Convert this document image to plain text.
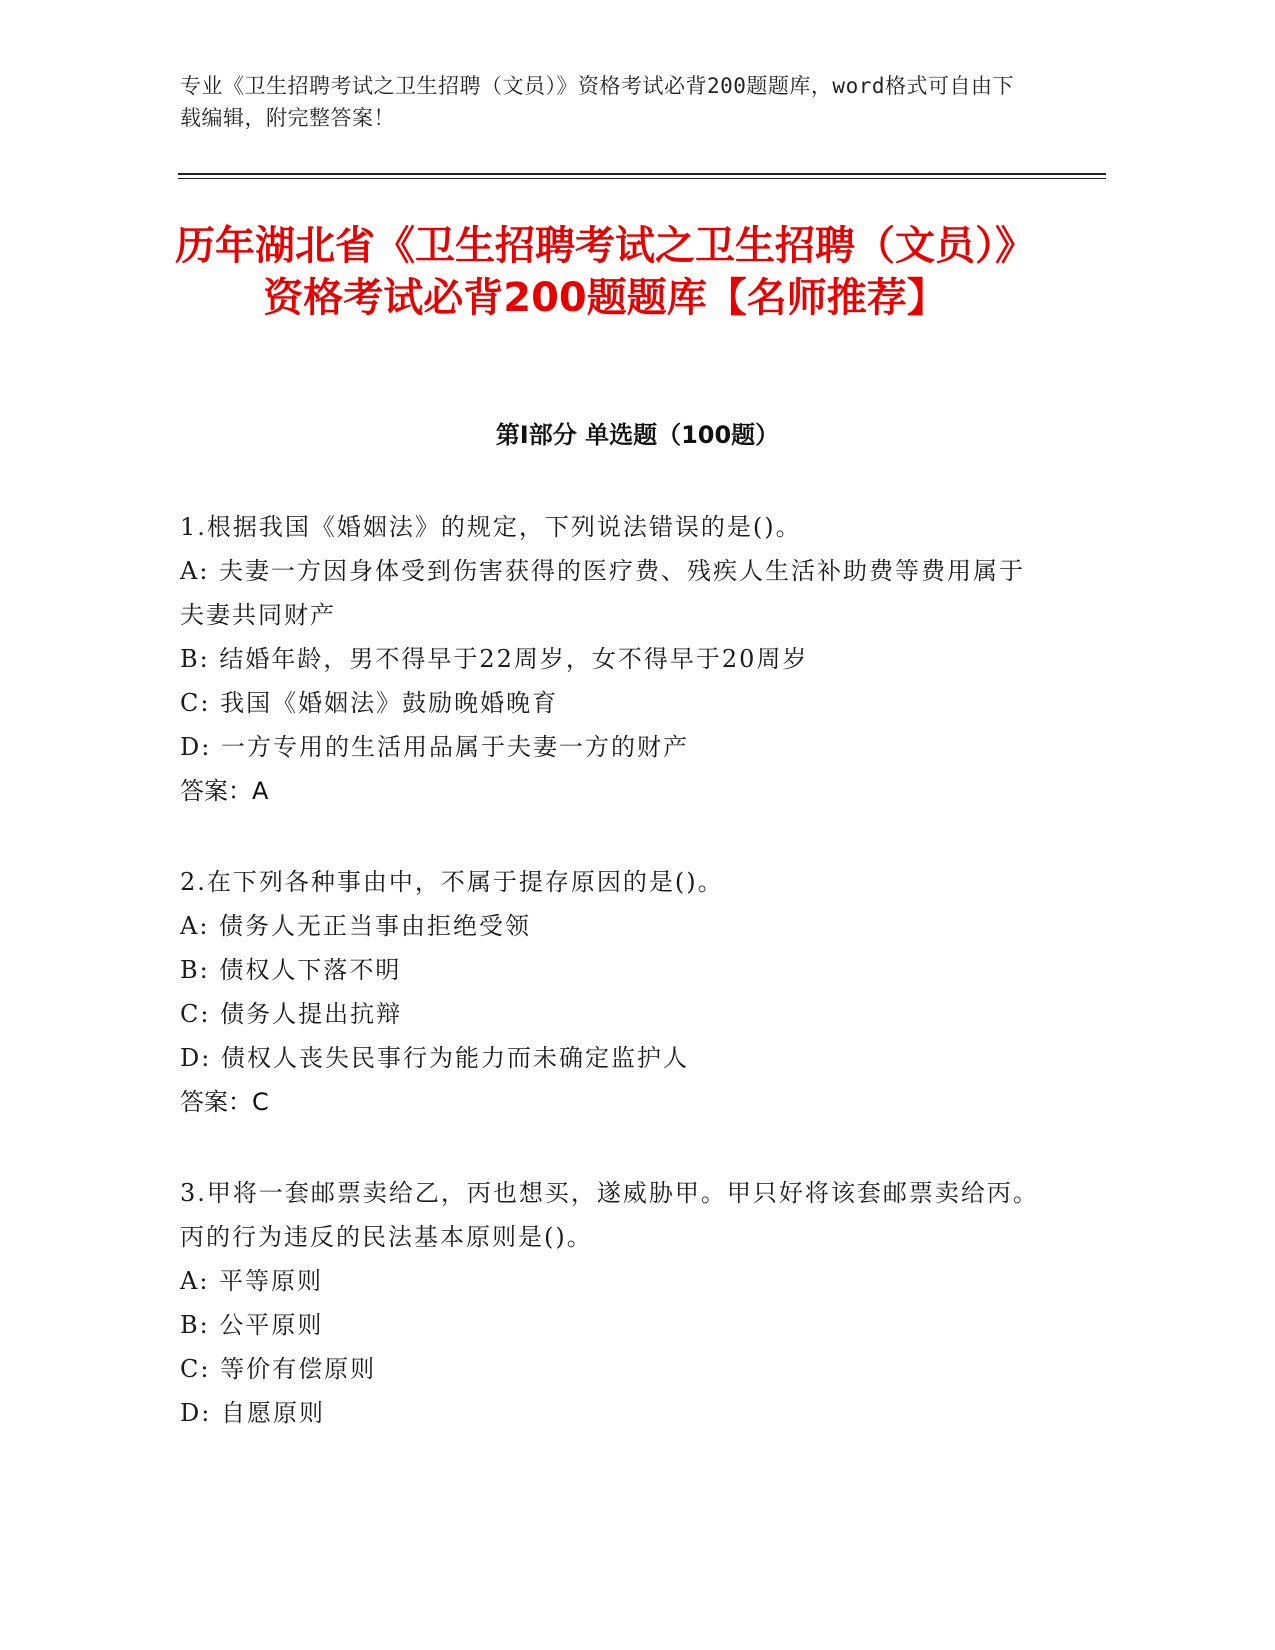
专业《卫生招聘考试之卫生招聘（文员）》资格考试必背200题题库，word格式可自由下载编辑，附完整答案！
历年湖北省《卫生招聘考试之卫生招聘（文员）》资格考试必背200题题库【名师推荐】
第I部分 单选题（100题）
1.根据我国《婚姻法》的规定，下列说法错误的是()。
A: 夫妻一方因身体受到伤害获得的医疗费、残疾人生活补助费等费用属于夫妻共同财产
B: 结婚年龄，男不得早于22周岁，女不得早于20周岁
C: 我国《婚姻法》鼓励晚婚晚育
D: 一方专用的生活用品属于夫妻一方的财产
答案：A
2.在下列各种事由中，不属于提存原因的是()。
A: 债务人无正当事由拒绝受领
B: 债权人下落不明
C: 债务人提出抗辩
D: 债权人丧失民事行为能力而未确定监护人
答案：C
3.甲将一套邮票卖给乙，丙也想买，遂威胁甲。甲只好将该套邮票卖给丙。丙的行为违反的民法基本原则是()。
A: 平等原则
B: 公平原则
C: 等价有偿原则
D: 自愿原则
